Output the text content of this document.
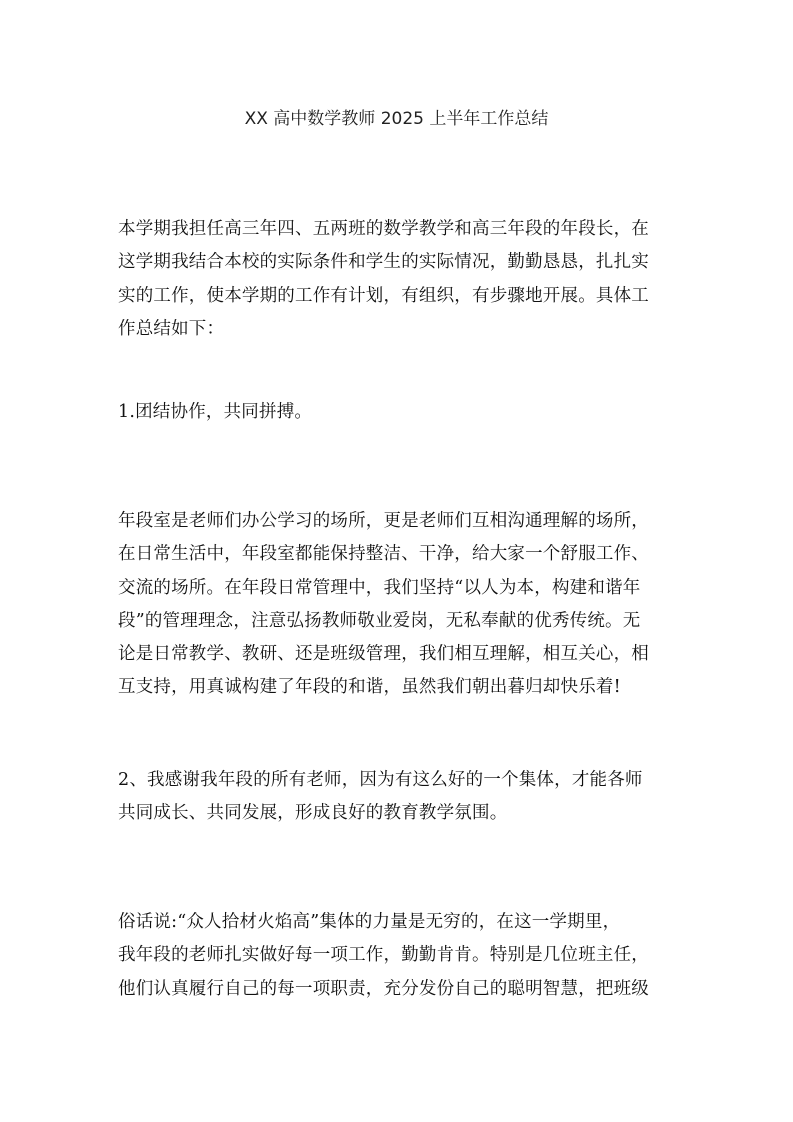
XX 高中数学教师 2025 上半年工作总结
本学期我担任高三年四、五两班的数学教学和高三年段的年段长，在
这学期我结合本校的实际条件和学生的实际情况，勤勤恳恳，扎扎实
实的工作，使本学期的工作有计划，有组织，有步骤地开展。具体工
作总结如下：
1.团结协作，共同拼搏。
年段室是老师们办公学习的场所，更是老师们互相沟通理解的场所，
在日常生活中，年段室都能保持整洁、干净，给大家一个舒服工作、
交流的场所。在年段日常管理中，我们坚持“以人为本，构建和谐年
段”的管理理念，注意弘扬教师敬业爱岗，无私奉献的优秀传统。无
论是日常教学、教研、还是班级管理，我们相互理解，相互关心，相
互支持，用真诚构建了年段的和谐，虽然我们朝出暮归却快乐着!
2、我感谢我年段的所有老师，因为有这么好的一个集体，才能各师
共同成长、共同发展，形成良好的教育教学氛围。
俗话说:“众人拾材火焰高”集体的力量是无穷的，在这一学期里，
我年段的老师扎实做好每一项工作，勤勤肯肯。特别是几位班主任，
他们认真履行自己的每一项职责，充分发份自己的聪明智慧，把班级
